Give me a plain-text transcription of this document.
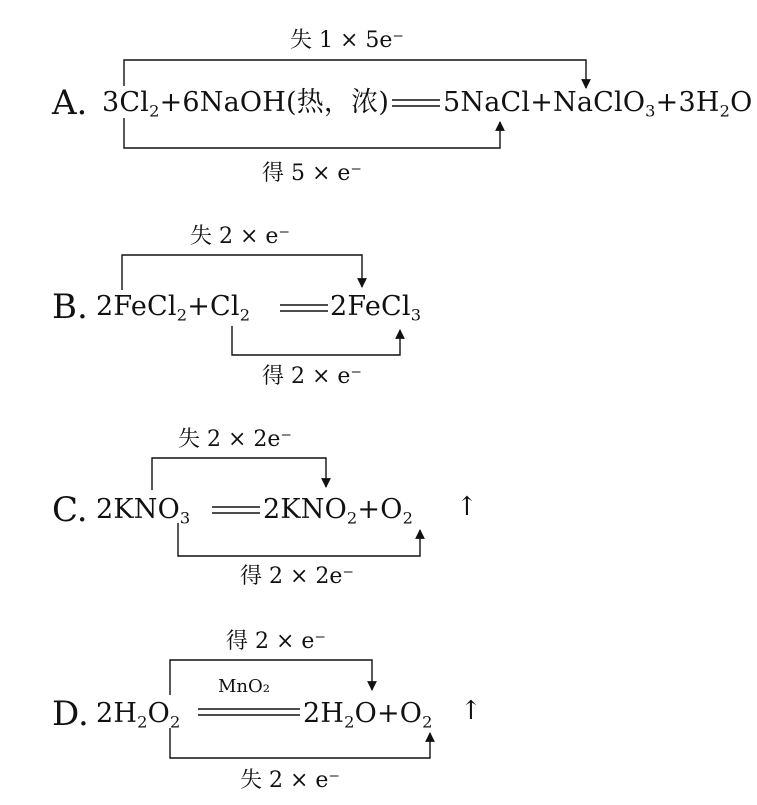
失 1 × 5e⁻
A. $3Cl_2+6NaOH$(热，浓) $5NaCl+NaClO_3+3H_2O$
得 5 × e⁻
失 2 × e⁻
B. $2FeCl_2+Cl_2$	2FeCl$_3$
得 2 × e⁻
失 2 × 2e⁻
C. $2KNO_3$	$2KNO_2+O_2$ ↑
得 2 × 2e⁻
得 2 × e⁻
MnO₂
D. $2H_2O_2$	$2H_2O+O_2$ ↑
失 2 × e⁻
